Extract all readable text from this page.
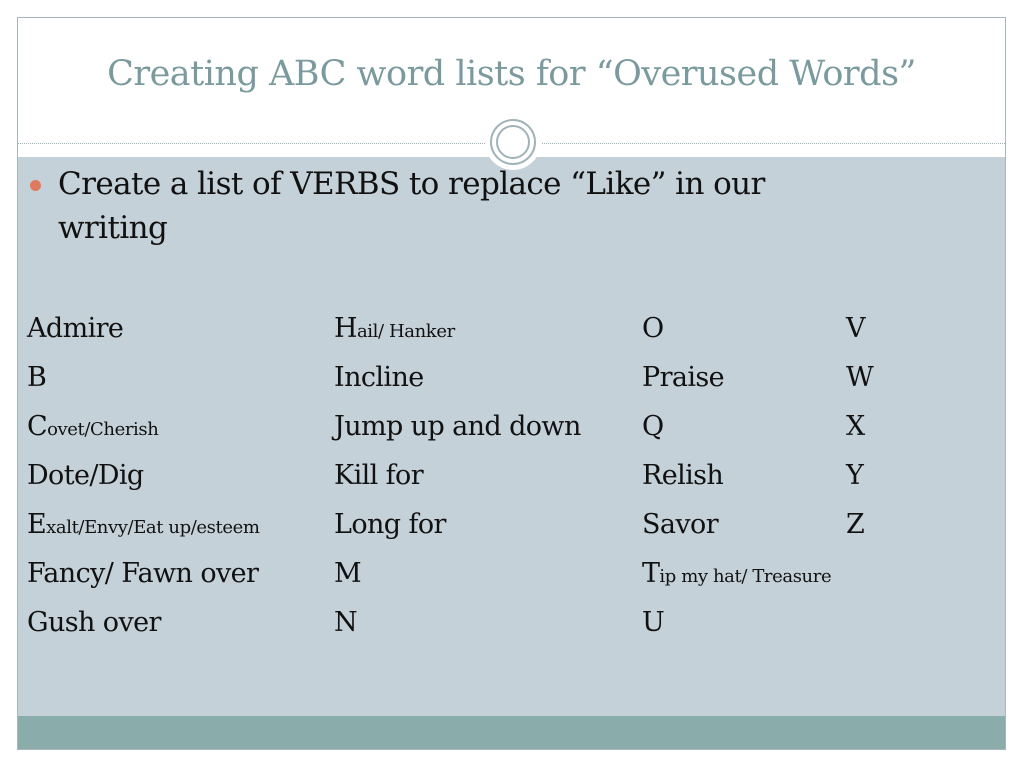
Creating ABC word lists for “Overused Words”
Create a list of VERBS to replace “Like” in our writing
Admire
B
Covet/Cherish
Dote/Dig
Exalt/Envy/Eat up/esteem
Fancy/ Fawn over
Gush over
Hail/ Hanker
Incline
Jump up and down
Kill for
Long for
M
N
O
Praise
Q
Relish
Savor
Tip my hat/ Treasure
U
V
W
X
Y
Z
